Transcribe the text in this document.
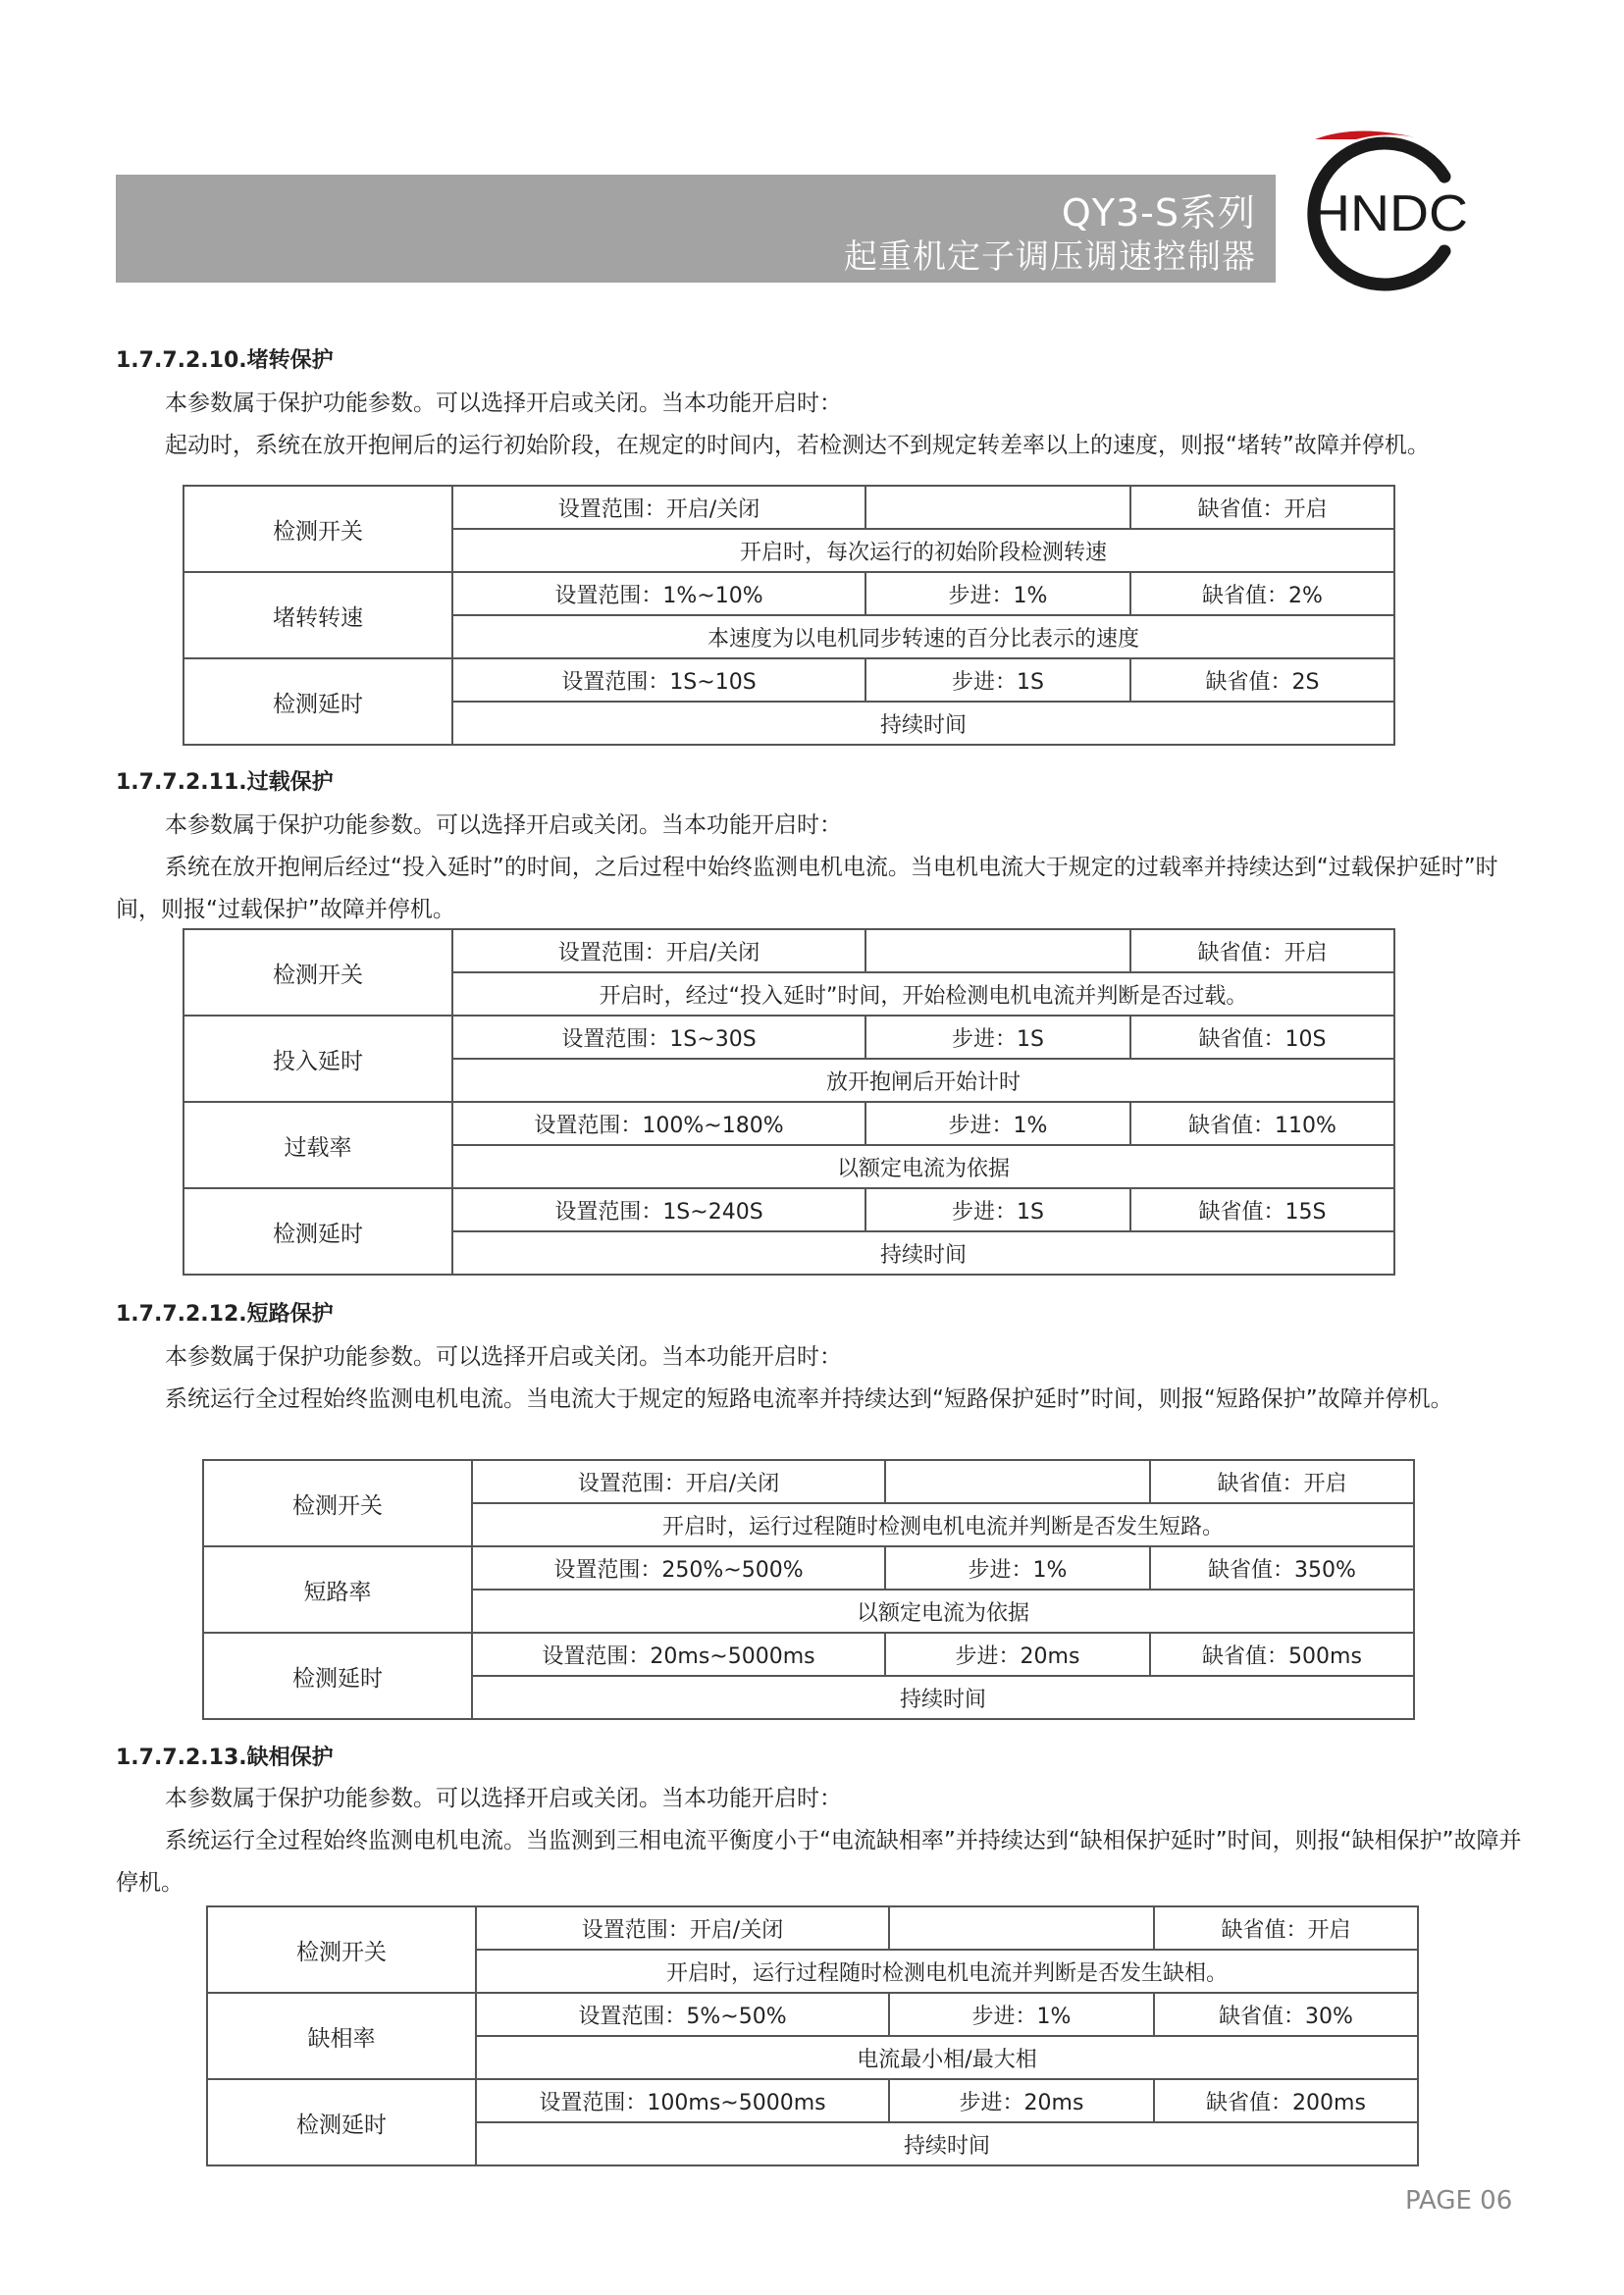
QY3-S系列
起重机定子调压调速控制器
HNDC
1.7.7.2.10.堵转保护

本参数属于保护功能参数。可以选择开启或关闭。当本功能开启时：

起动时，系统在放开抱闸后的运行初始阶段，在规定的时间内，若检测达不到规定转差率以上的速度，则报“堵转”故障并停机。

检测开关	设置范围：开启/关闭		缺省值：开启
	开启时，每次运行的初始阶段检测转速		
堵转转速	设置范围：1%~10%	步进：1%	缺省值：2%
	本速度为以电机同步转速的百分比表示的速度		
检测延时	设置范围：1S~10S	步进：1S	缺省值：2S
	持续时间		
1.7.7.2.11.过载保护

本参数属于保护功能参数。可以选择开启或关闭。当本功能开启时：

系统在放开抱闸后经过“投入延时”的时间，之后过程中始终监测电机电流。当电机电流大于规定的过载率并持续达到“过载保护延时”时间，则报“过载保护”故障并停机。

检测开关	设置范围：开启/关闭		缺省值：开启
	开启时，经过“投入延时”时间，开始检测电机电流并判断是否过载。		
投入延时	设置范围：1S~30S	步进：1S	缺省值：10S
	放开抱闸后开始计时		
过载率	设置范围：100%~180%	步进：1%	缺省值：110%
	以额定电流为依据		
检测延时	设置范围：1S~240S	步进：1S	缺省值：15S
	持续时间		
1.7.7.2.12.短路保护

本参数属于保护功能参数。可以选择开启或关闭。当本功能开启时：

系统运行全过程始终监测电机电流。当电流大于规定的短路电流率并持续达到“短路保护延时”时间，则报“短路保护”故障并停机。

检测开关	设置范围：开启/关闭		缺省值：开启
	开启时，运行过程随时检测电机电流并判断是否发生短路。		
短路率	设置范围：250%~500%	步进：1%	缺省值：350%
	以额定电流为依据		
检测延时	设置范围：20ms~5000ms	步进：20ms	缺省值：500ms
	持续时间		
1.7.7.2.13.缺相保护

本参数属于保护功能参数。可以选择开启或关闭。当本功能开启时：

系统运行全过程始终监测电机电流。当监测到三相电流平衡度小于“电流缺相率”并持续达到“缺相保护延时”时间，则报“缺相保护”故障并停机。

检测开关	设置范围：开启/关闭		缺省值：开启
	开启时，运行过程随时检测电机电流并判断是否发生缺相。		
缺相率	设置范围：5%~50%	步进：1%	缺省值：30%
	电流最小相/最大相		
检测延时	设置范围：100ms~5000ms	步进：20ms	缺省值：200ms
	持续时间		
PAGE 06
